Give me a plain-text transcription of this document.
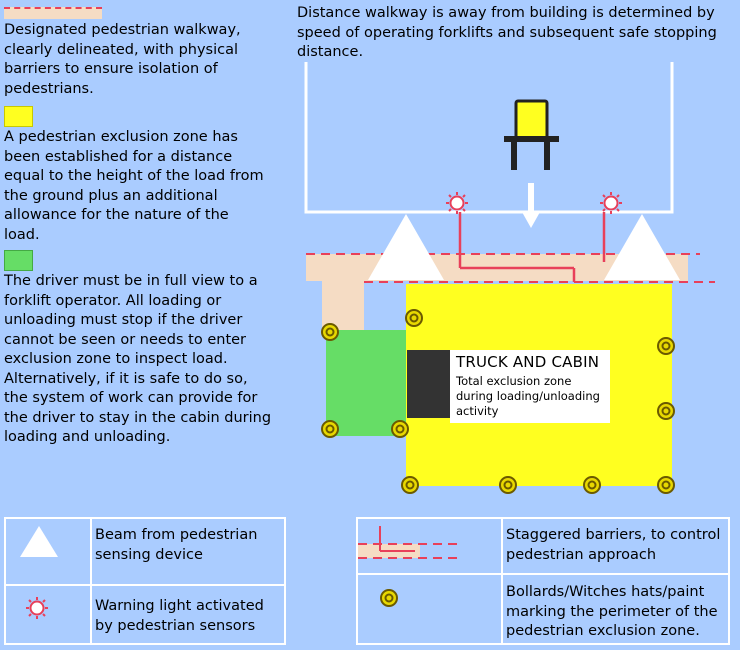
Designated pedestrian walkway, clearly delineated, with physical barriers to ensure isolation of pedestrians.

A pedestrian exclusion zone has been established for a distance equal to the height of the load from the ground plus an additional allowance for the nature of the load.

The driver must be in full view to a forklift operator. All loading or unloading must stop if the driver cannot be seen or needs to enter exclusion zone to inspect load. Alternatively, if it is safe to do so, the system of work can provide for the driver to stay in the cabin during loading and unloading.

Distance walkway is away from building is determined by speed of operating forklifts and subsequent safe stopping distance.

TRUCK AND CABIN
Total exclusion zone during loading/unloading activity
Beam from pedestrian sensing device
Warning light activated by pedestrian sensors
Staggered barriers, to control pedestrian approach
Bollards/Witches hats/paint marking the perimeter of the pedestrian exclusion zone.
